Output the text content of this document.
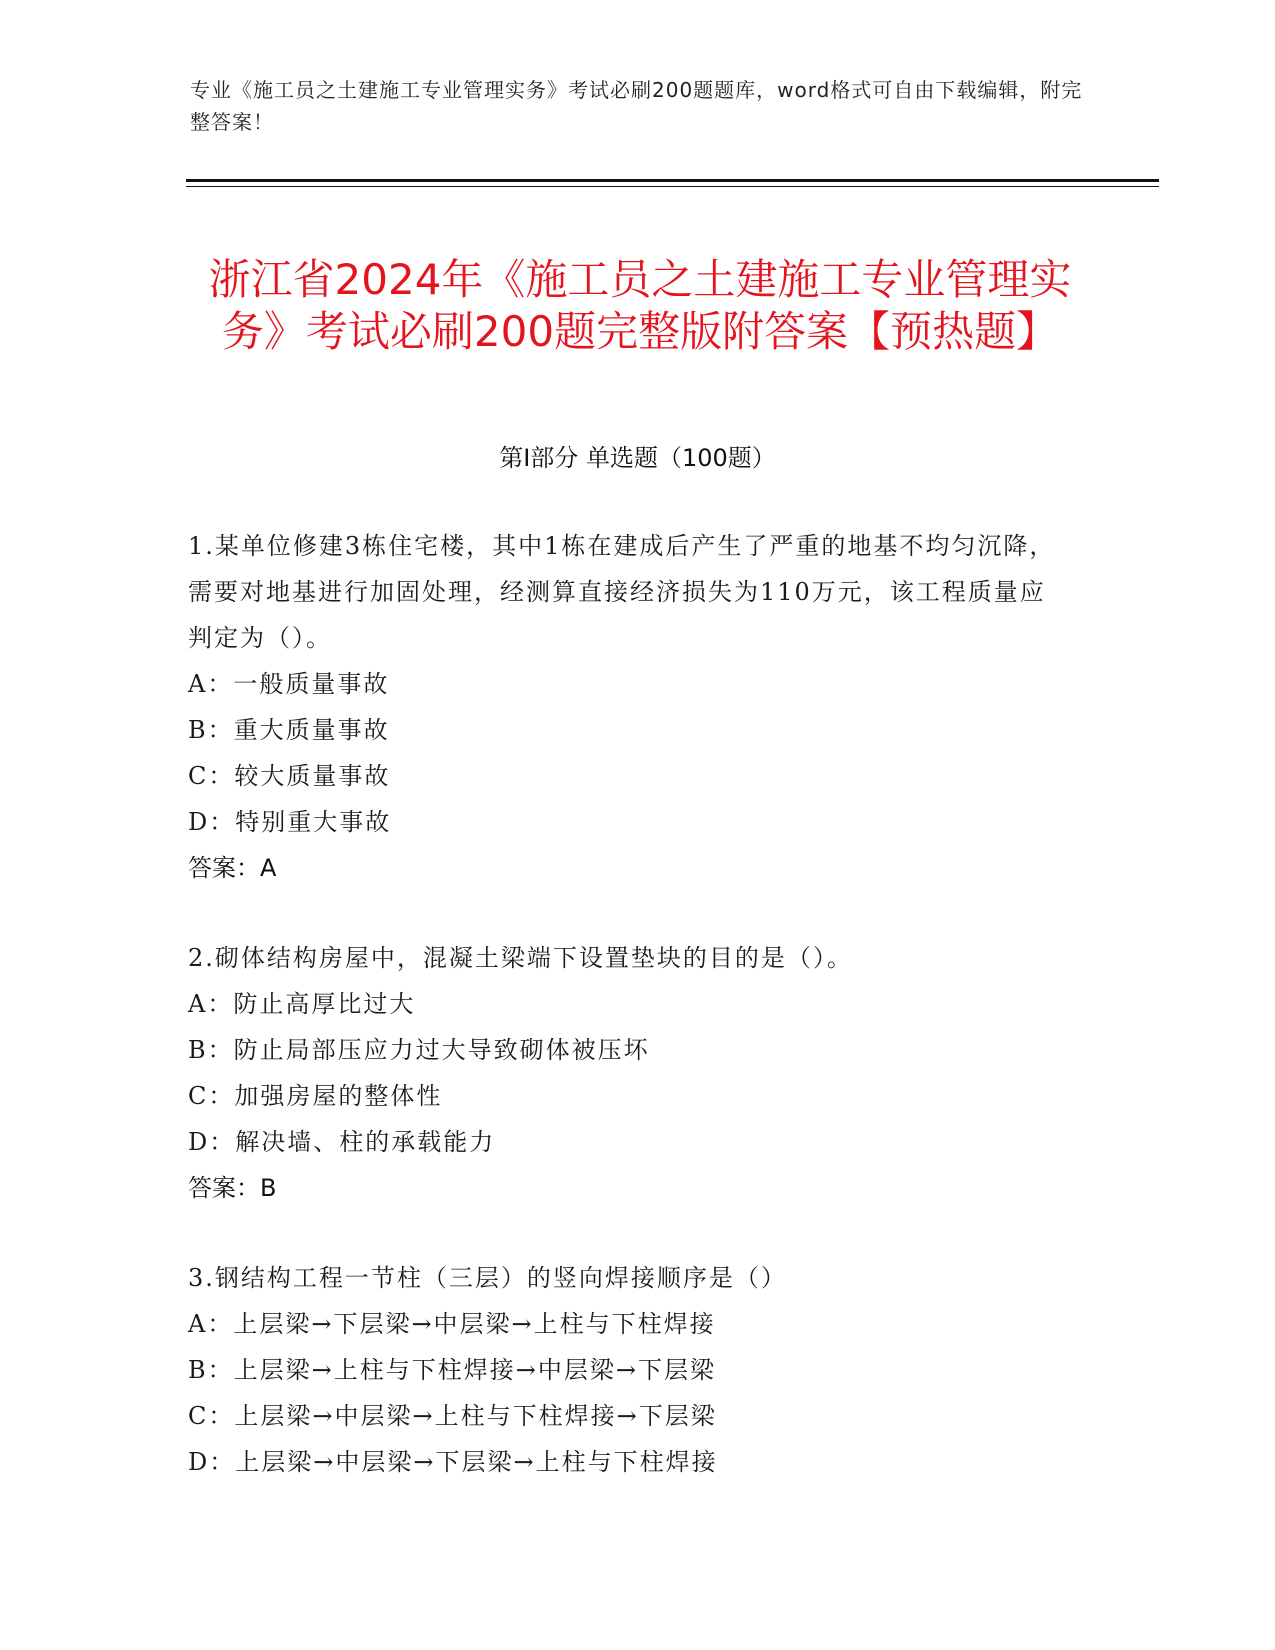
专业《施工员之土建施工专业管理实务》考试必刷200题题库，word格式可自由下载编辑，附完整答案！
浙江省2024年《施工员之土建施工专业管理实务》考试必刷200题完整版附答案【预热题】
第I部分 单选题（100题）
1.某单位修建3栋住宅楼，其中1栋在建成后产生了严重的地基不均匀沉降，需要对地基进行加固处理，经测算直接经济损失为110万元，该工程质量应判定为（）。
A：一般质量事故
B：重大质量事故
C：较大质量事故
D：特别重大事故
答案：A
2.砌体结构房屋中，混凝土梁端下设置垫块的目的是（）。
A：防止高厚比过大
B：防止局部压应力过大导致砌体被压坏
C：加强房屋的整体性
D：解决墙、柱的承载能力
答案：B
3.钢结构工程一节柱（三层）的竖向焊接顺序是（）
A：上层梁→下层梁→中层梁→上柱与下柱焊接
B：上层梁→上柱与下柱焊接→中层梁→下层梁
C：上层梁→中层梁→上柱与下柱焊接→下层梁
D：上层梁→中层梁→下层梁→上柱与下柱焊接
